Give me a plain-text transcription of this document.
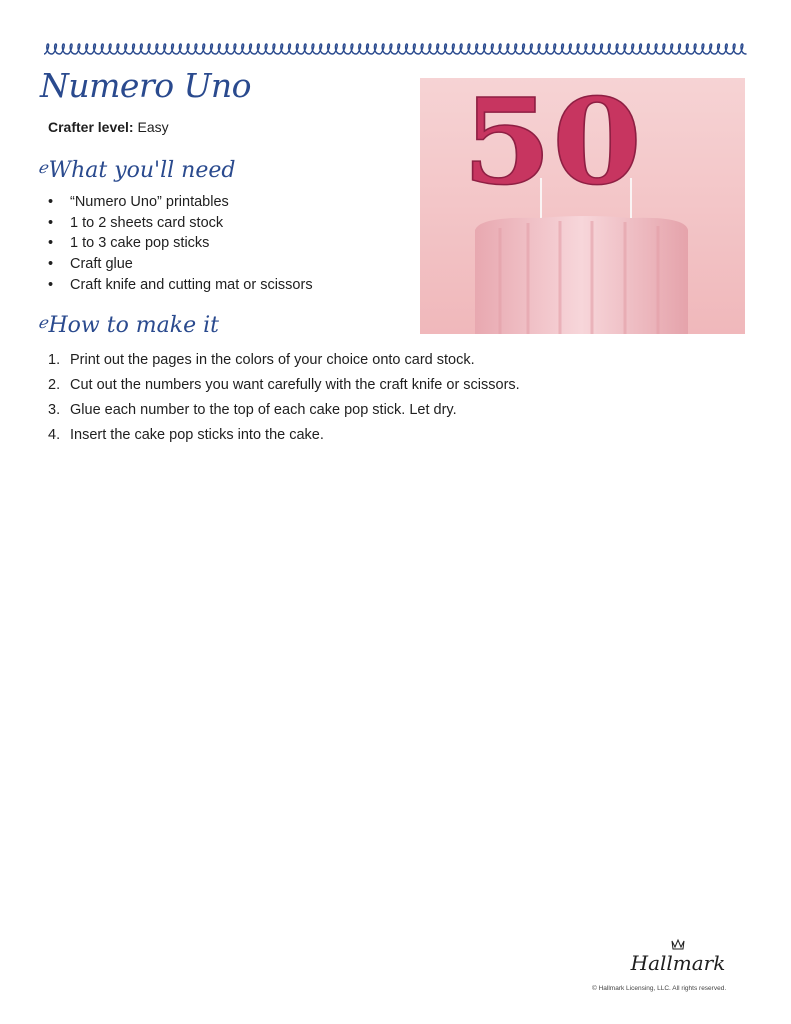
Numero Uno
Crafter level: Easy
$^ℯ$What you'll need
• “Numero Uno” printables
• 1 to 2 sheets card stock
• 1 to 3 cake pop sticks
• Craft glue
• Craft knife and cutting mat or scissors
$^ℯ$How to make it
1. Print out the pages in the colors of your choice onto card stock.
2. Cut out the numbers you want carefully with the craft knife or scissors.
3. Glue each number to the top of each cake pop stick. Let dry.
4. Insert the cake pop sticks into the cake.
50
Hallmark
© Hallmark Licensing, LLC. All rights reserved.
